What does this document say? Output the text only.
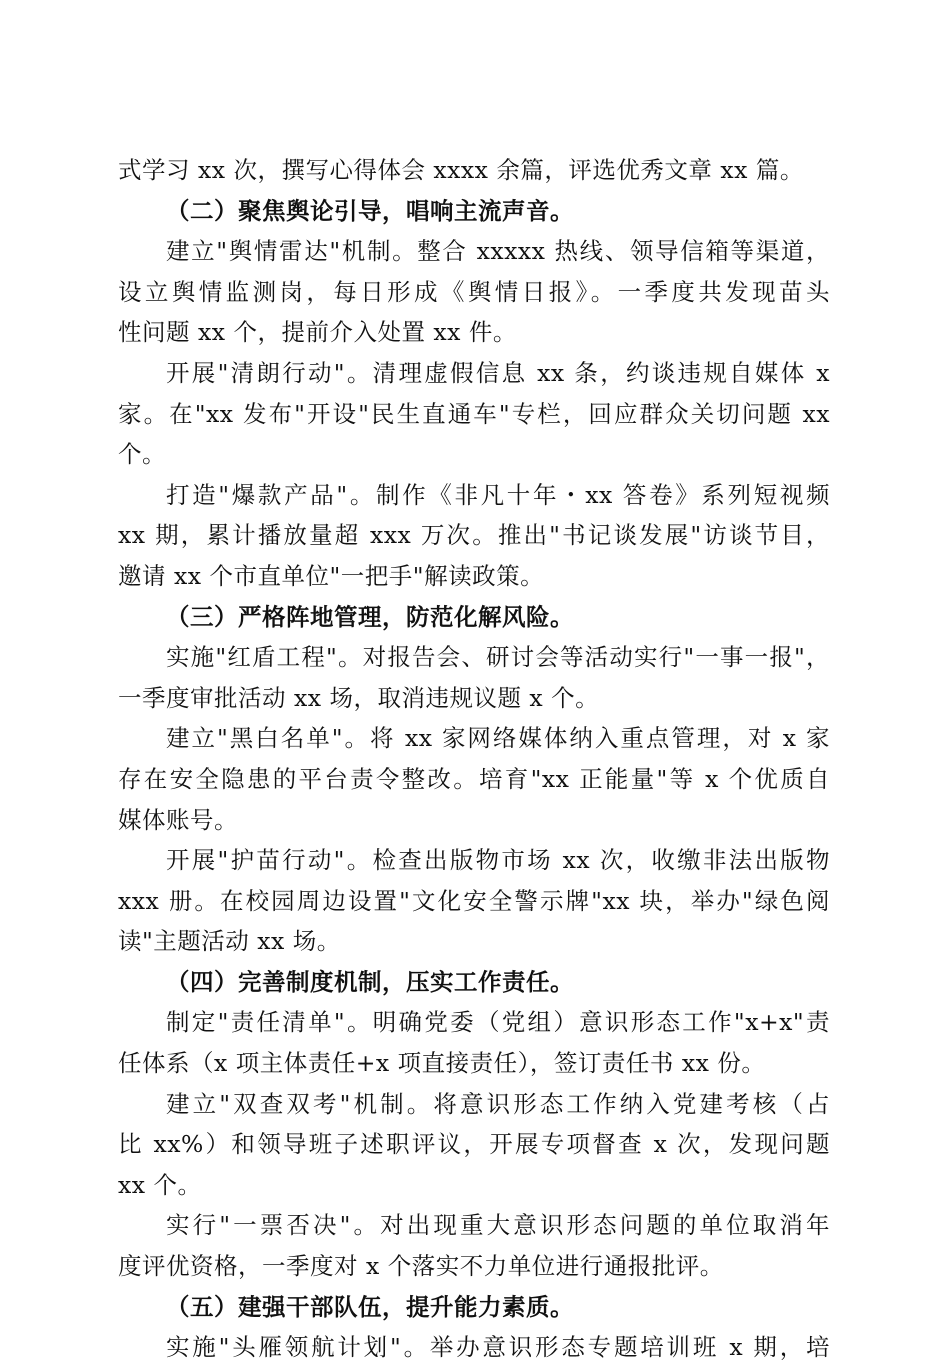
式学习 xx 次，撰写心得体会 xxxx 余篇，评选优秀文章 xx 篇。
（二）聚焦舆论引导，唱响主流声音。
建立"舆情雷达"机制。整合 xxxxx 热线、领导信箱等渠道，
设立舆情监测岗，每日形成《舆情日报》。一季度共发现苗头
性问题 xx 个，提前介入处置 xx 件。
开展"清朗行动"。清理虚假信息 xx 条，约谈违规自媒体 x
家。在"xx 发布"开设"民生直通车"专栏，回应群众关切问题 xx
个。
打造"爆款产品"。制作《非凡十年・xx 答卷》系列短视频
xx 期，累计播放量超 xxx 万次。推出"书记谈发展"访谈节目，
邀请 xx 个市直单位"一把手"解读政策。
（三）严格阵地管理，防范化解风险。
实施"红盾工程"。对报告会、研讨会等活动实行"一事一报"，
一季度审批活动 xx 场，取消违规议题 x 个。
建立"黑白名单"。将 xx 家网络媒体纳入重点管理，对 x 家
存在安全隐患的平台责令整改。培育"xx 正能量"等 x 个优质自
媒体账号。
开展"护苗行动"。检查出版物市场 xx 次，收缴非法出版物
xxx 册。在校园周边设置"文化安全警示牌"xx 块，举办"绿色阅
读"主题活动 xx 场。
（四）完善制度机制，压实工作责任。
制定"责任清单"。明确党委（党组）意识形态工作"x+x"责
任体系（x 项主体责任+x 项直接责任），签订责任书 xx 份。
建立"双查双考"机制。将意识形态工作纳入党建考核（占
比 xx%）和领导班子述职评议，开展专项督查 x 次，发现问题
xx 个。
实行"一票否决"。对出现重大意识形态问题的单位取消年
度评优资格，一季度对 x 个落实不力单位进行通报批评。
（五）建强干部队伍，提升能力素质。
实施"头雁领航计划"。举办意识形态专题培训班 x 期，培
